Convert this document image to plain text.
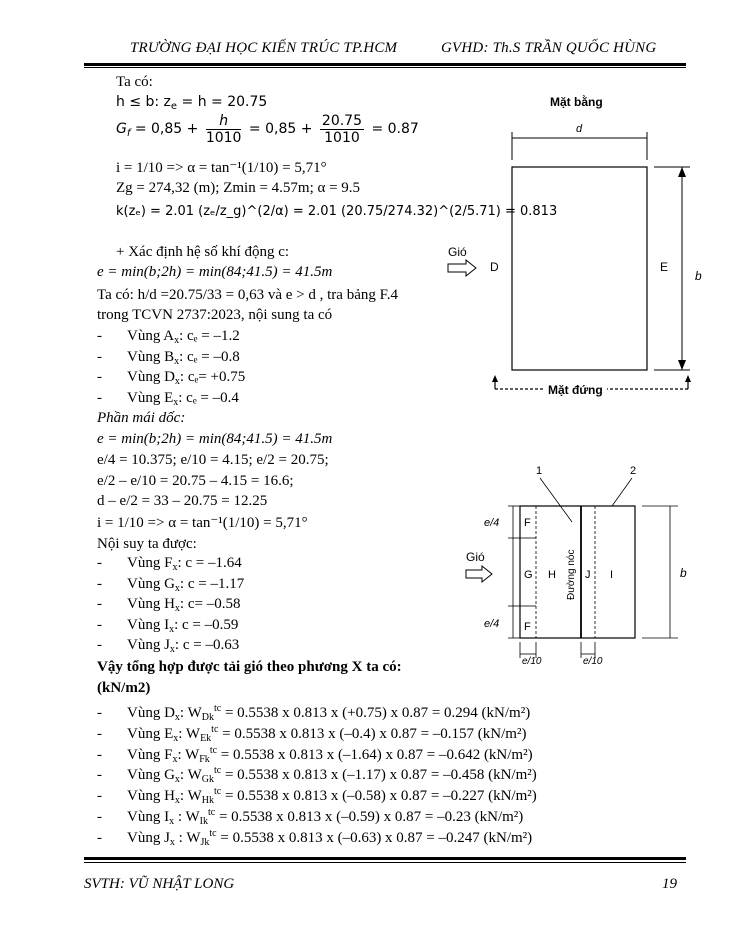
TRƯỜNG ĐẠI HỌC KIẾN TRÚC TP.HCM	GVHD: Th.S TRẦN QUỐC HÙNG
Ta có:
h ≤ b: $z_e = h = 20.75$
$G_f = 0,85 + \frac{h}{1010} = 0,85 + \frac{20.75}{1010} = 0.87$
i = 1/10 => α = tan⁻¹(1/10) = 5,71°
Zg = 274,32 (m); Zmin = 4.57m; α = 9.5
k(zₑ) = 2.01 (zₑ/z_g)^(2/α) = 2.01 (20.75/274.32)^(2/5.71) = 0.813
+ Xác định hệ số khí động c:
e = min(b;2h) = min(84;41.5) = 41.5m
Ta có: h/d =20.75/33 = 0,63 và e > d , tra bảng F.4
trong TCVN 2737:2023, nội sung ta có
- Vùng $A_x$: cₑ = –1.2
- Vùng $B_x$: cₑ = –0.8
- Vùng $D_x$: cₑ= +0.75
- Vùng $E_x$: cₑ = –0.4
Phần mái dốc:
e = min(b;2h) = min(84;41.5) = 41.5m
e/4 = 10.375; e/10 = 4.15; e/2 = 20.75;
e/2 – e/10 = 20.75 – 4.15 = 16.6;
d – e/2 = 33 – 20.75 = 12.25
i = 1/10 => α = tan⁻¹(1/10) = 5,71°
Nội suy ta được:
- Vùng $F_x$: c = –1.64
- Vùng $G_x$: c = –1.17
- Vùng $H_x$: c= –0.58
- Vùng $I_x$: c = –0.59
- Vùng $J_x$: c = –0.63
Vậy tổng hợp được tải gió theo phương X ta có:
(kN/m2)
- Vùng $D_x$: $W_{Dk}^{tc} = 0.5538$ x 0.813 x (+0.75) x 0.87 = 0.294 (kN/m²)
- Vùng $E_x$: $W_{Ek}^{tc} = 0.5538$ x 0.813 x (–0.4) x 0.87 = –0.157 (kN/m²)
- Vùng $F_x$: $W_{Fk}^{tc} = 0.5538$ x 0.813 x (–1.64) x 0.87 = –0.642 (kN/m²)
- Vùng $G_x$: $W_{Gk}^{tc} = 0.5538$ x 0.813 x (–1.17) x 0.87 = –0.458 (kN/m²)
- Vùng $H_x$: $W_{Hk}^{tc} = 0.5538$ x 0.813 x (–0.58) x 0.87 = –0.227 (kN/m²)
- Vùng $I_x$ : $W_{Ik}^{tc} = 0.5538$ x 0.813 x (–0.59) x 0.87 = –0.23 (kN/m²)
- Vùng $J_x$ : $W_{Jk}^{tc} = 0.5538$ x 0.813 x (–0.63) x 0.87 = –0.247 (kN/m²)
Mặt bằng
d
b
Gió
D	E
Mặt đứng
1	2
e/4
e/4
Gió
F
G
F
H Đường nóc J I	b
e/10	e/10
SVTH: VŨ NHẬT LONG	19
